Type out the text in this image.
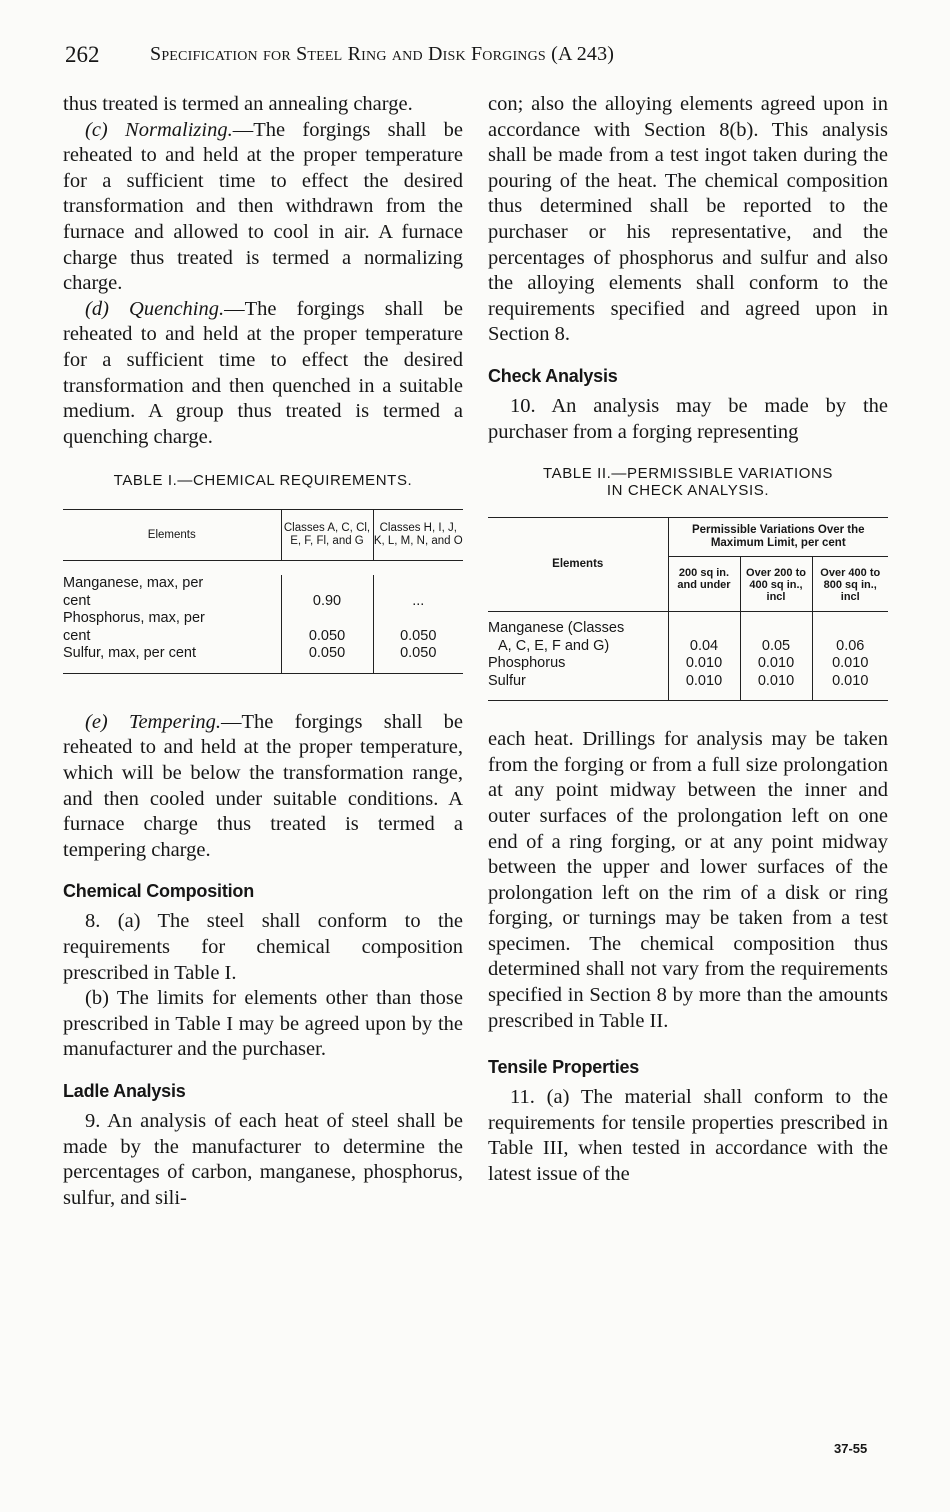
262	Specification for Steel Ring and Disk Forgings (A 243)

thus treated is termed an annealing charge.

(c) Normalizing.—The forgings shall be reheated to and held at the proper temperature for a sufficient time to effect the desired transformation and then withdrawn from the furnace and allowed to cool in air. A furnace charge thus treated is termed a normalizing charge.

(d) Quenching.—The forgings shall be reheated to and held at the proper temperature for a sufficient time to effect the desired transformation and then quenched in a suitable medium. A group thus treated is termed a quenching charge.

TABLE I.—CHEMICAL REQUIREMENTS.
Elements	Classes A, C, Cl, E, F, Fl, and G	Classes H, I, J, K, L, M, N, and O

Manganese, max, per
cent	0.90	...

Phosphorus, max, per
cent	0.050	0.050

Sulfur, max, per cent	0.050	0.050

(e) Tempering.—The forgings shall be reheated to and held at the proper temperature, which will be below the transformation range, and then cooled under suitable conditions. A furnace charge thus treated is termed a tempering charge.

Chemical Composition

8. (a) The steel shall conform to the requirements for chemical composition prescribed in Table I.

(b) The limits for elements other than those prescribed in Table I may be agreed upon by the manufacturer and the purchaser.

Ladle Analysis

9. An analysis of each heat of steel shall be made by the manufacturer to determine the percentages of carbon, manganese, phosphorus, sulfur, and sili-

con; also the alloying elements agreed upon in accordance with Section 8(b). This analysis shall be made from a test ingot taken during the pouring of the heat. The chemical composition thus determined shall be reported to the purchaser or his representative, and the percentages of phosphorus and sulfur and also the alloying elements shall conform to the requirements specified and agreed upon in Section 8.

Check Analysis

10. An analysis may be made by the purchaser from a forging representing

TABLE II.—PERMISSIBLE VARIATIONS
IN CHECK ANALYSIS.
Elements	Permissible Variations Over the Maximum Limit, per cent		
	200 sq in. and under	Over 200 to 400 sq in., incl	Over 400 to 800 sq in., incl

Manganese (Classes
A, C, E, F and G)	0.04	0.05	0.06

Phosphorus	0.010	0.010	0.010

Sulfur	0.010	0.010	0.010

each heat. Drillings for analysis may be taken from the forging or from a full size prolongation at any point midway between the inner and outer surfaces of the prolongation left on one end of a ring forging, or at any point midway between the upper and lower surfaces of the prolongation left on the rim of a disk or ring forging, or turnings may be taken from a test specimen. The chemical composition thus determined shall not vary from the requirements specified in Section 8 by more than the amounts prescribed in Table II.

Tensile Properties

11. (a) The material shall conform to the requirements for tensile properties prescribed in Table III, when tested in accordance with the latest issue of the

37-55
